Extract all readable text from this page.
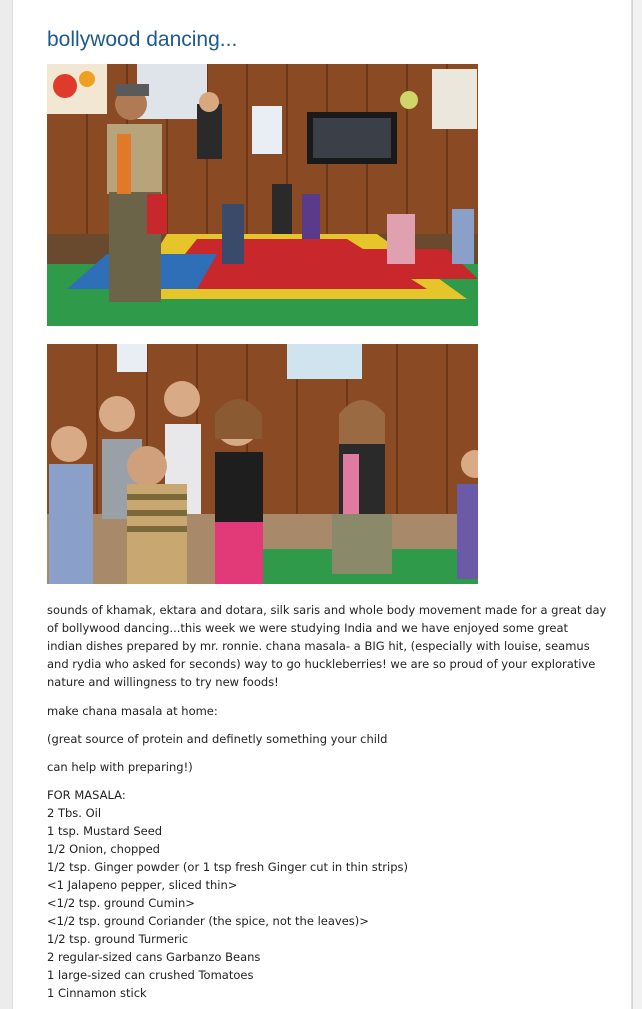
bollywood dancing...

sounds of khamak, ektara and dotara, silk saris and whole body movement made for a great day of bollywood dancing...this week we were studying India and we have enjoyed some great indian dishes prepared by mr. ronnie. chana masala- a BIG hit, (especially with louise, seamus and rydia who asked for seconds) way to go huckleberries! we are so proud of your explorative nature and willingness to try new foods!

make chana masala at home:

(great source of protein and definetly something your child

can help with preparing!)

FOR MASALA:
2 Tbs. Oil
1 tsp. Mustard Seed
1/2 Onion, chopped
1/2 tsp. Ginger powder (or 1 tsp fresh Ginger cut in thin strips)
<1 Jalapeno pepper, sliced thin>
<1/2 tsp. ground Cumin>
<1/2 tsp. ground Coriander (the spice, not the leaves)>
1/2 tsp. ground Turmeric
2 regular-sized cans Garbanzo Beans
1 large-sized can crushed Tomatoes
1 Cinnamon stick
